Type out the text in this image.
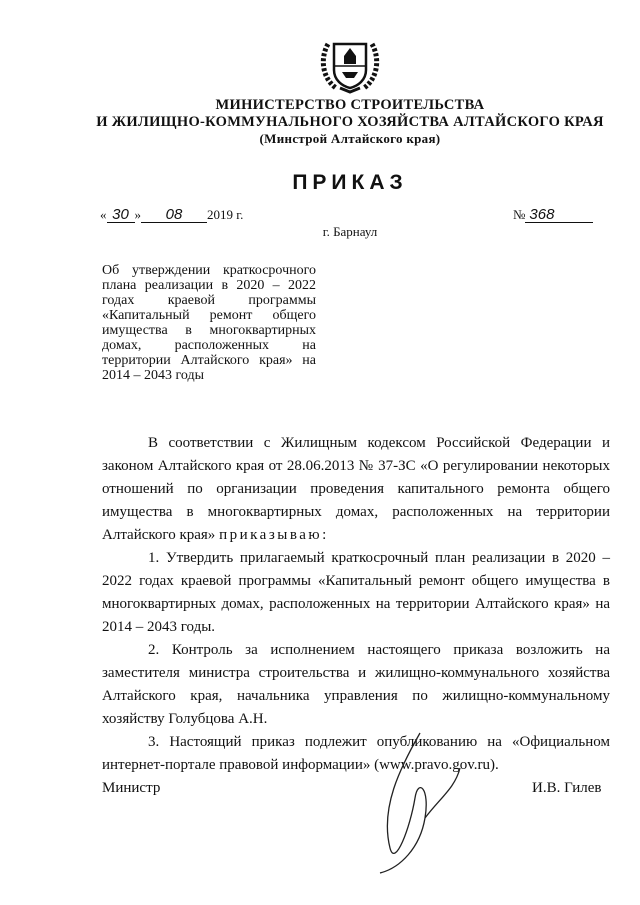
МИНИСТЕРСТВО СТРОИТЕЛЬСТВА
И ЖИЛИЩНО-КОММУНАЛЬНОГО ХОЗЯЙСТВА АЛТАЙСКОГО КРАЯ
(Минстрой Алтайского края)
ПРИКАЗ
« 30 » 08 2019 г.	№ 368
г. Барнаул
Об утверждении краткосрочного плана реализации в 2020 – 2022 годах краевой программы «Капитальный ремонт общего имущества в многоквартирных домах, расположенных на территории Алтайского края» на 2014 – 2043 годы

В соответствии с Жилищным кодексом Российской Федерации и законом Алтайского края от 28.06.2013 № 37-ЗС «О регулировании некоторых отношений по организации проведения капитального ремонта общего имущества в многоквартирных домах, расположенных на территории Алтайского края» приказываю:

1. Утвердить прилагаемый краткосрочный план реализации в 2020 – 2022 годах краевой программы «Капитальный ремонт общего имущества в многоквартирных домах, расположенных на территории Алтайского края» на 2014 – 2043 годы.

2. Контроль за исполнением настоящего приказа возложить на заместителя министра строительства и жилищно-коммунального хозяйства Алтайского края, начальника управления по жилищно-коммунальному хозяйству Голубцова А.Н.

3. Настоящий приказ подлежит опубликованию на «Официальном интернет-портале правовой информации» (www.pravo.gov.ru).

Министр	И.В. Гилев
